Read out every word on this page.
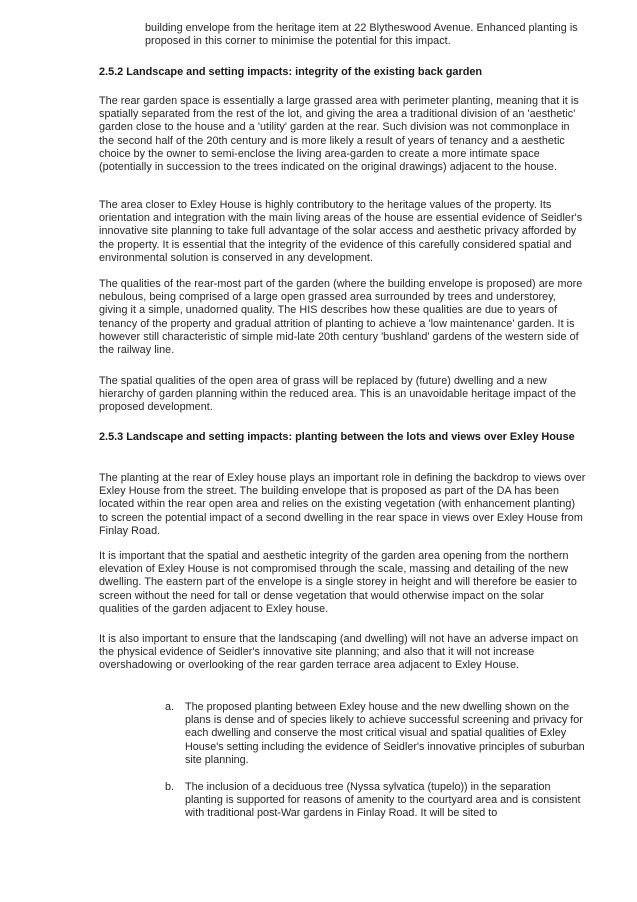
building envelope from the heritage item at 22 Blytheswood Avenue. Enhanced planting is proposed in this corner to minimise the potential for this impact.

2.5.2 Landscape and setting impacts: integrity of the existing back garden

The rear garden space is essentially a large grassed area with perimeter planting, meaning that it is spatially separated from the rest of the lot, and giving the area a traditional division of an 'aesthetic' garden close to the house and a 'utility' garden at the rear. Such division was not commonplace in the second half of the 20th century and is more likely a result of years of tenancy and a aesthetic choice by the owner to semi-enclose the living area-garden to create a more intimate space (potentially in succession to the trees indicated on the original drawings) adjacent to the house.

The area closer to Exley House is highly contributory to the heritage values of the property. Its orientation and integration with the main living areas of the house are essential evidence of Seidler's innovative site planning to take full advantage of the solar access and aesthetic privacy afforded by the property. It is essential that the integrity of the evidence of this carefully considered spatial and environmental solution is conserved in any development.

The qualities of the rear-most part of the garden (where the building envelope is proposed) are more nebulous, being comprised of a large open grassed area surrounded by trees and understorey, giving it a simple, unadorned quality. The HIS describes how these qualities are due to years of tenancy of the property and gradual attrition of planting to achieve a 'low maintenance' garden. It is however still characteristic of simple mid-late 20th century 'bushland' gardens of the western side of the railway line.

The spatial qualities of the open area of grass will be replaced by (future) dwelling and a new hierarchy of garden planning within the reduced area. This is an unavoidable heritage impact of the proposed development.

2.5.3 Landscape and setting impacts: planting between the lots and views over Exley House

The planting at the rear of Exley house plays an important role in defining the backdrop to views over Exley House from the street. The building envelope that is proposed as part of the DA has been located within the rear open area and relies on the existing vegetation (with enhancement planting) to screen the potential impact of a second dwelling in the rear space in views over Exley House from Finlay Road.

It is important that the spatial and aesthetic integrity of the garden area opening from the northern elevation of Exley House is not compromised through the scale, massing and detailing of the new dwelling. The eastern part of the envelope is a single storey in height and will therefore be easier to screen without the need for tall or dense vegetation that would otherwise impact on the solar qualities of the garden adjacent to Exley house.

It is also important to ensure that the landscaping (and dwelling) will not have an adverse impact on the physical evidence of Seidler's innovative site planning; and also that it will not increase overshadowing or overlooking of the rear garden terrace area adjacent to Exley House.

a. The proposed planting between Exley house and the new dwelling shown on the plans is dense and of species likely to achieve successful screening and privacy for each dwelling and conserve the most critical visual and spatial qualities of Exley House's setting including the evidence of Seidler's innovative principles of suburban site planning.

b. The inclusion of a deciduous tree (Nyssa sylvatica (tupelo)) in the separation planting is supported for reasons of amenity to the courtyard area and is consistent with traditional post-War gardens in Finlay Road. It will be sited to
